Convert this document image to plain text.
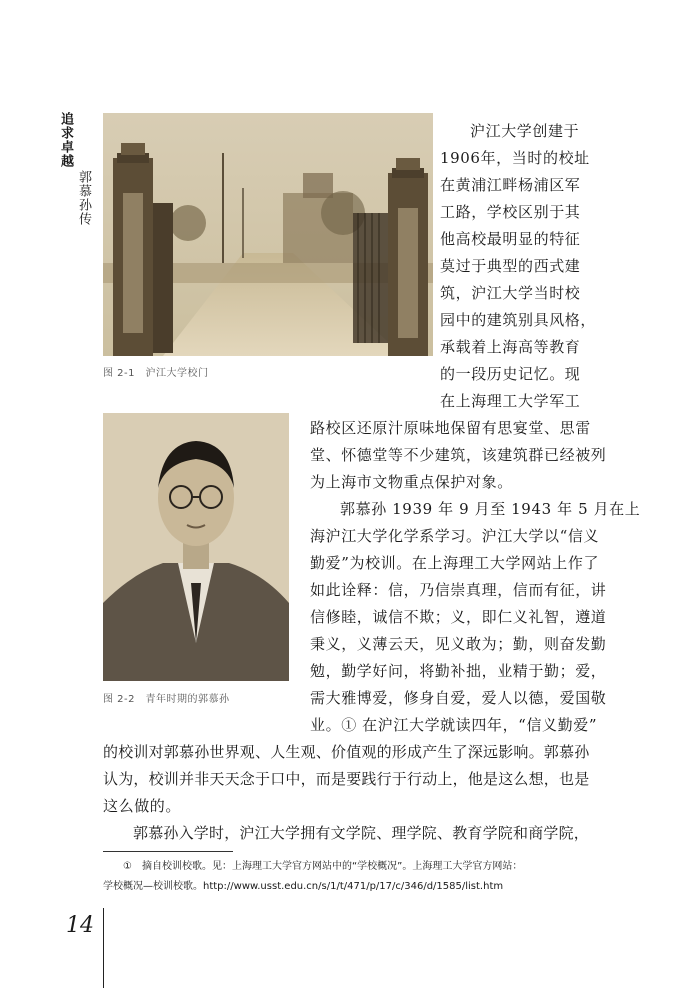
追求卓越
郭慕孙传
图 2-1　沪江大学校门
图 2-2　青年时期的郭慕孙
沪江大学创建于
1906年，当时的校址
在黄浦江畔杨浦区军
工路，学校区别于其
他高校最明显的特征
莫过于典型的西式建
筑，沪江大学当时校
园中的建筑别具风格，
承载着上海高等教育
的一段历史记忆。现
在上海理工大学军工
路校区还原汁原味地保留有思宴堂、思雷
堂、怀德堂等不少建筑，该建筑群已经被列
为上海市文物重点保护对象。
郭慕孙 1939 年 9 月至 1943 年 5 月在上
海沪江大学化学系学习。沪江大学以“信义
勤爱”为校训。在上海理工大学网站上作了
如此诠释：信，乃信崇真理，信而有征，讲
信修睦，诚信不欺；义，即仁义礼智，遵道
秉义，义薄云天，见义敢为；勤，则奋发勤
勉，勤学好问，将勤补拙，业精于勤；爱，
需大雅博爱，修身自爱，爱人以德，爱国敬
业。① 在沪江大学就读四年，“信义勤爱”
的校训对郭慕孙世界观、人生观、价值观的形成产生了深远影响。郭慕孙
认为，校训并非天天念于口中，而是要践行于行动上，他是这么想，也是
这么做的。
郭慕孙入学时，沪江大学拥有文学院、理学院、教育学院和商学院，
①　摘自校训校歌。见：上海理工大学官方网站中的“学校概况”。上海理工大学官方网站：
学校概况—校训校歌。http://www.usst.edu.cn/s/1/t/471/p/17/c/346/d/1585/list.htm
14
